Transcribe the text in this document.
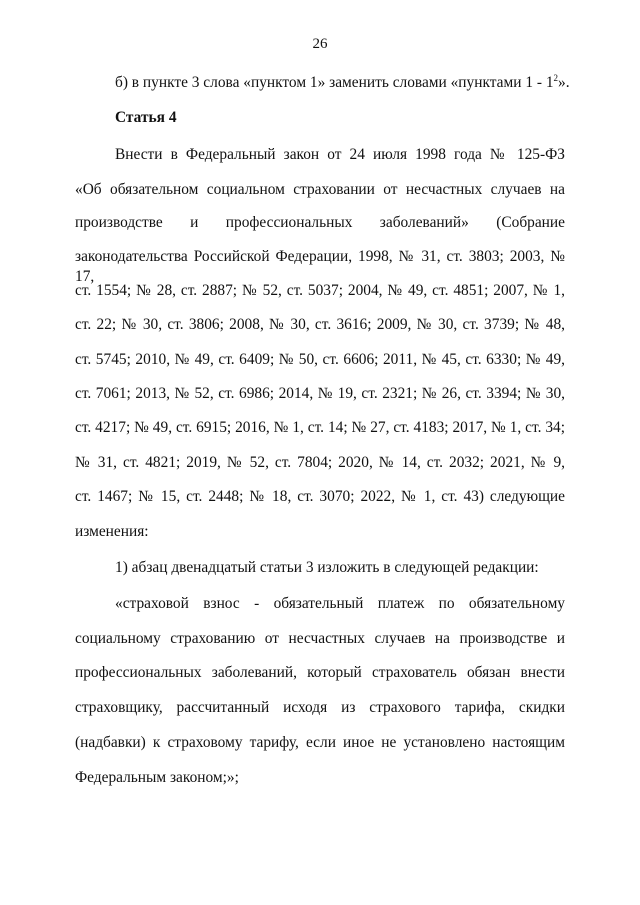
26
б) в пункте 3 слова «пунктом 1» заменить словами «пунктами $1 - 1^2$».
Статья 4
Внести в Федеральный закон от 24 июля 1998 года № 125-ФЗ
«Об обязательном социальном страховании от несчастных случаев на
производстве и профессиональных заболеваний» (Собрание
законодательства Российской Федерации, 1998, № 31, ст. 3803; 2003, № 17,
ст. 1554; № 28, ст. 2887; № 52, ст. 5037; 2004, № 49, ст. 4851; 2007, № 1,
ст. 22; № 30, ст. 3806; 2008, № 30, ст. 3616; 2009, № 30, ст. 3739; № 48,
ст. 5745; 2010, № 49, ст. 6409; № 50, ст. 6606; 2011, № 45, ст. 6330; № 49,
ст. 7061; 2013, № 52, ст. 6986; 2014, № 19, ст. 2321; № 26, ст. 3394; № 30,
ст. 4217; № 49, ст. 6915; 2016, № 1, ст. 14; № 27, ст. 4183; 2017, № 1, ст. 34;
№ 31, ст. 4821; 2019, № 52, ст. 7804; 2020, № 14, ст. 2032; 2021, № 9,
ст. 1467; № 15, ст. 2448; № 18, ст. 3070; 2022, № 1, ст. 43) следующие
изменения:
1) абзац двенадцатый статьи 3 изложить в следующей редакции:
«страховой взнос - обязательный платеж по обязательному
социальному страхованию от несчастных случаев на производстве и
профессиональных заболеваний, который страхователь обязан внести
страховщику, рассчитанный исходя из страхового тарифа, скидки
(надбавки) к страховому тарифу, если иное не установлено настоящим
Федеральным законом;»;
